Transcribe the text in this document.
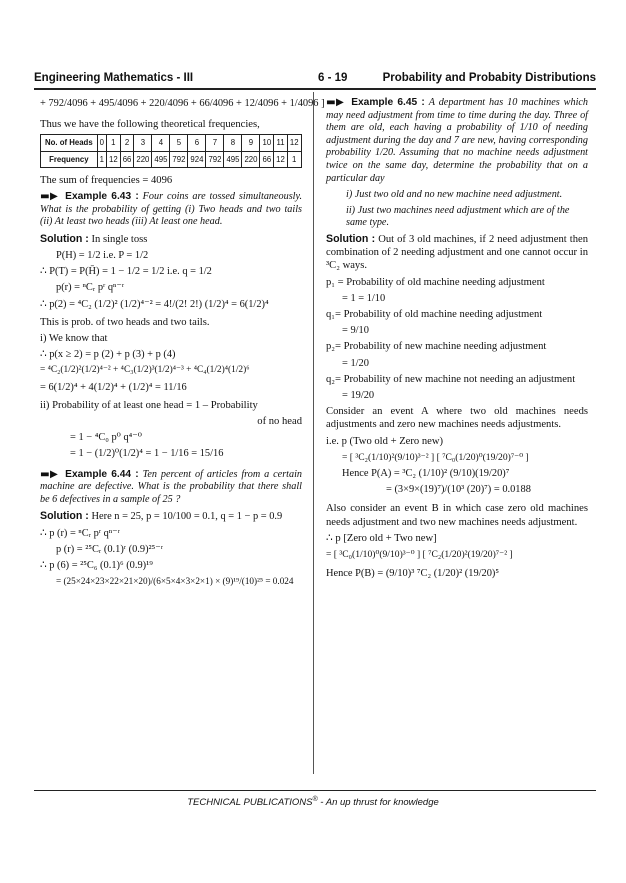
Engineering Mathematics - III	6 - 19	Probability and Probabity Distributions

+ 792/4096 + 495/4096 + 220/4096 + 66/4096 + 12/4096 + 1/4096 ]

Thus we have the following theoretical frequencies,

No. of Heads	0	1	2	3	4	5	6	7	8	9	10	11	12
Frequency	1	12	66	220	495	792	924	792	495	220	66	12	1

The sum of frequencies = 4096

▬▶ Example 6.43 : Four coins are tossed simultaneously. What is the probability of getting (i) Two heads and two tails (ii) At least two heads (iii) At least one head.

Solution : In single toss

P(H) = 1/2 i.e. P = 1/2

∴ P(T) = P(H̄) = 1 − 1/2 = 1/2 i.e. q = 1/2

p(r) = ⁿCᵣ pʳ qⁿ⁻ʳ

∴ p(2) = ⁴C₂ (1/2)² (1/2)⁴⁻² = 4!/(2! 2!) (1/2)⁴ = 6(1/2)⁴

This is prob. of two heads and two tails.

i) We know that

∴ p(x ≥ 2) = p (2) + p (3) + p (4)

= ⁴C₂(1/2)²(1/2)⁴⁻² + ⁴C₃(1/2)³(1/2)⁴⁻³ + ⁴C₄(1/2)⁴(1/2)⁶

= 6(1/2)⁴ + 4(1/2)⁴ + (1/2)⁴ = 11/16

ii) Probability of at least one head = 1 – Probability

of no head

= 1 − ⁴C₀ p⁰ q⁴⁻⁰

= 1 − (1/2)⁰(1/2)⁴ = 1 − 1/16 = 15/16

▬▶ Example 6.44 : Ten percent of articles from a certain machine are defective. What is the probability that there shall be 6 defectives in a sample of 25 ?

Solution : Here n = 25, p = 10/100 = 0.1, q = 1 − p = 0.9

∴ p (r) = ⁿCᵣ pʳ qⁿ⁻ʳ

p (r) = ²⁵Cᵣ (0.1)ʳ (0.9)²⁵⁻ʳ

∴ p (6) = ²⁵C₆ (0.1)⁶ (0.9)¹⁹

= (25×24×23×22×21×20)/(6×5×4×3×2×1) × (9)¹⁹/(10)²⁵ = 0.024

▬▶ Example 6.45 : A department has 10 machines which may need adjustment from time to time during the day. Three of them are old, each having a probability of 1/10 of needing adjustment during the day and 7 are new, having corresponding probability 1/20. Assuming that no machine needs adjustment twice on the same day, determine the probability that on a particular day

i) Just two old and no new machine need adjustment.

ii) Just two machines need adjustment which are of the same type.

Solution : Out of 3 old machines, if 2 need adjustment then combination of 2 needing adjustment and one cannot occur in ³C₂ ways.

p₁ = Probability of old machine needing adjustment

= 1 = 1/10

q₁= Probability of old machine needing adjustment

= 9/10

p₂= Probability of new machine needing adjustment

= 1/20

q₂= Probability of new machine not needing an adjustment

= 19/20

Consider an event A where two old machines needs adjustments and zero new machines needs adjustments.

i.e. p (Two old + Zero new)

= [ ³C₂(1/10)²(9/10)³⁻² ] [ ⁷C₀(1/20)⁰(19/20)⁷⁻⁰ ]

Hence P(A) = ³C₂ (1/10)² (9/10)(19/20)⁷

= (3×9×(19)⁷)/(10³ (20)⁷) = 0.0188

Also consider an event B in which case zero old machines needs adjustment and two new machines needs adjustment.

∴ p [Zero old + Two new]

= [ ³C₀(1/10)⁰(9/10)³⁻⁰ ] [ ⁷C₂(1/20)²(19/20)⁷⁻² ]

Hence P(B) = (9/10)³ ⁷C₂ (1/20)² (19/20)⁵

TECHNICAL PUBLICATIONS® - An up thrust for knowledge
